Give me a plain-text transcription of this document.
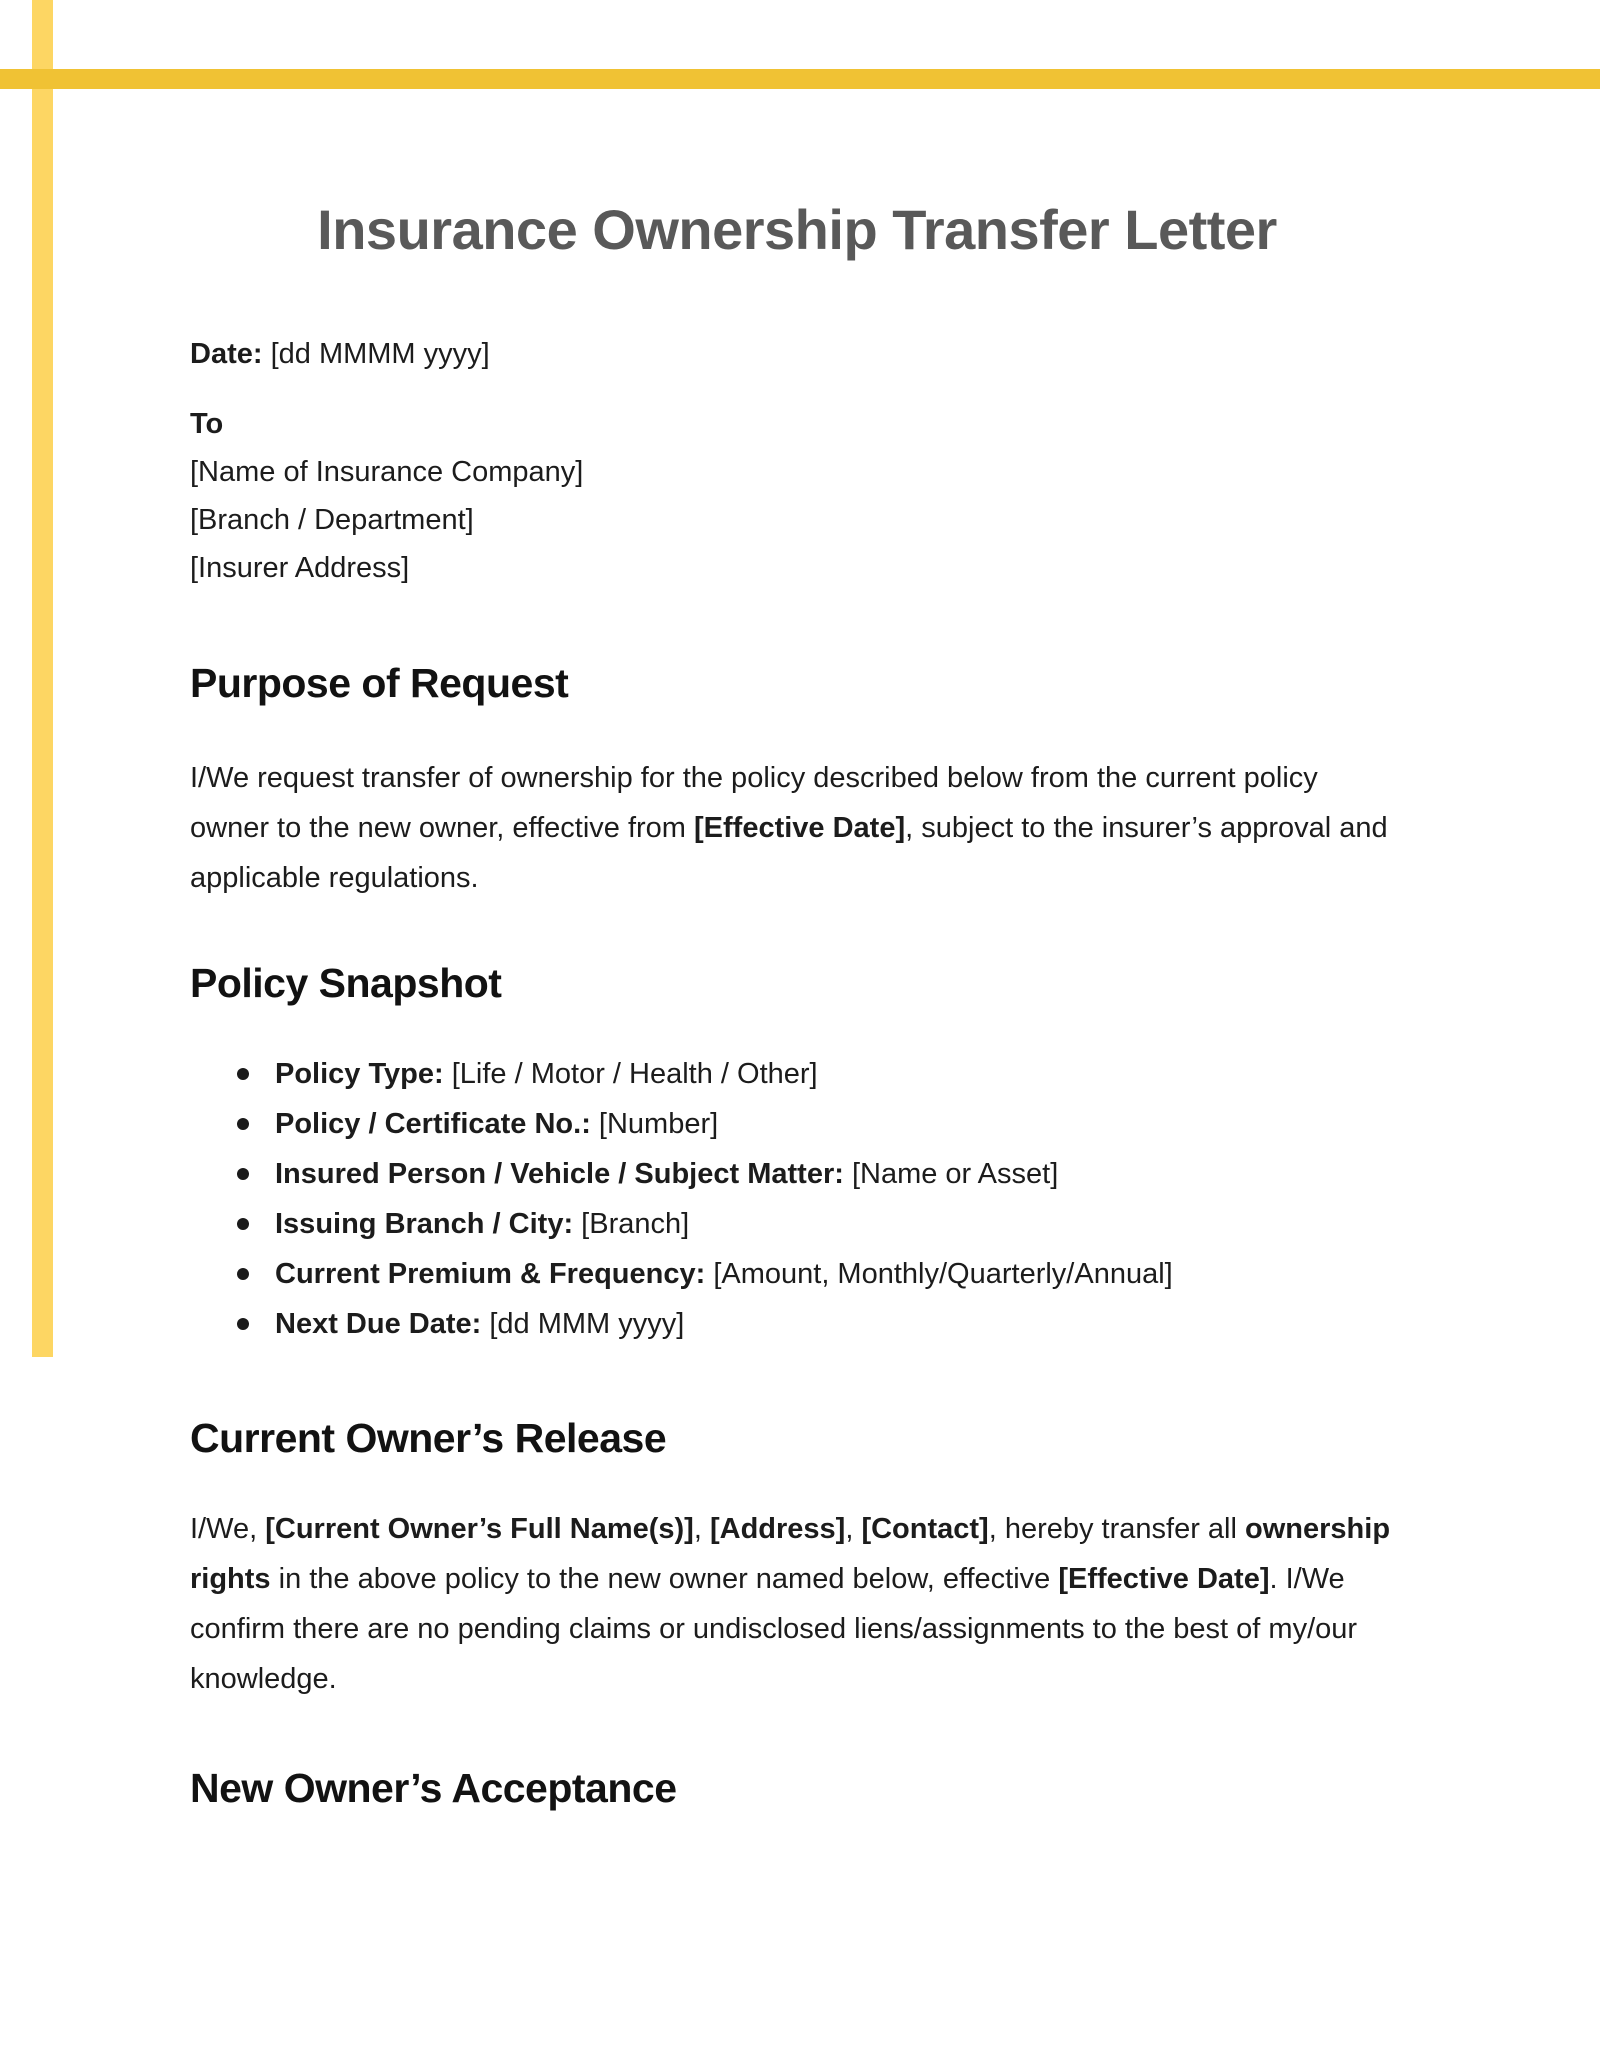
Insurance Ownership Transfer Letter

Date: [dd MMMM yyyy]

To
[Name of Insurance Company]
[Branch / Department]
[Insurer Address]
Purpose of Request

I/We request transfer of ownership for the policy described below from the current policy owner to the new owner, effective from [Effective Date], subject to the insurer’s approval and applicable regulations.

Policy Snapshot
Policy Type: [Life / Motor / Health / Other]
Policy / Certificate No.: [Number]
Insured Person / Vehicle / Subject Matter: [Name or Asset]
Issuing Branch / City: [Branch]
Current Premium & Frequency: [Amount, Monthly/Quarterly/Annual]
Next Due Date: [dd MMM yyyy]
Current Owner’s Release

I/We, [Current Owner’s Full Name(s)], [Address], [Contact], hereby transfer all ownership rights in the above policy to the new owner named below, effective [Effective Date]. I/We confirm there are no pending claims or undisclosed liens/assignments to the best of my/our knowledge.

New Owner’s Acceptance
